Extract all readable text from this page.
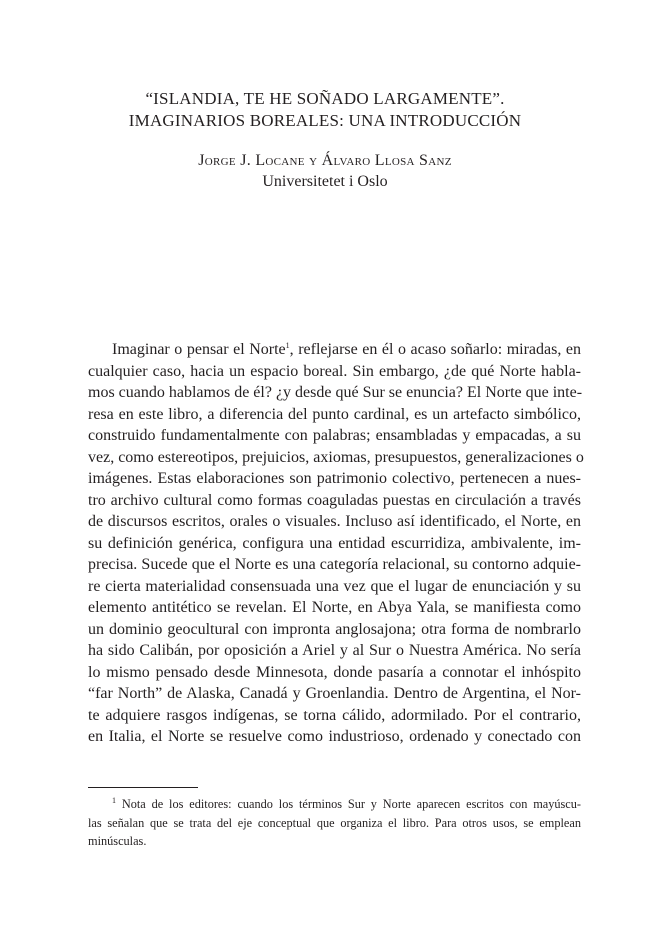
“ISLANDIA, TE HE SOÑADO LARGAMENTE”.
IMAGINARIOS BOREALES: UNA INTRODUCCIÓN
Jorge J. Locane y Álvaro Llosa Sanz
Universitetet i Oslo
Imaginar o pensar el Norte$^1$, reflejarse en él o acaso soñarlo: miradas, en
cualquier caso, hacia un espacio boreal. Sin embargo, ¿de qué Norte habla-
mos cuando hablamos de él? ¿y desde qué Sur se enuncia? El Norte que inte-
resa en este libro, a diferencia del punto cardinal, es un artefacto simbólico,
construido fundamentalmente con palabras; ensambladas y empacadas, a su
vez, como estereotipos, prejuicios, axiomas, presupuestos, generalizaciones o
imágenes. Estas elaboraciones son patrimonio colectivo, pertenecen a nues-
tro archivo cultural como formas coaguladas puestas en circulación a través
de discursos escritos, orales o visuales. Incluso así identificado, el Norte, en
su definición genérica, configura una entidad escurridiza, ambivalente, im-
precisa. Sucede que el Norte es una categoría relacional, su contorno adquie-
re cierta materialidad consensuada una vez que el lugar de enunciación y su
elemento antitético se revelan. El Norte, en Abya Yala, se manifiesta como
un dominio geocultural con impronta anglosajona; otra forma de nombrarlo
ha sido Calibán, por oposición a Ariel y al Sur o Nuestra América. No sería
lo mismo pensado desde Minnesota, donde pasaría a connotar el inhóspito
“far North” de Alaska, Canadá y Groenlandia. Dentro de Argentina, el Nor-
te adquiere rasgos indígenas, se torna cálido, adormilado. Por el contrario,
en Italia, el Norte se resuelve como industrioso, ordenado y conectado con
$^1$ Nota de los editores: cuando los términos Sur y Norte aparecen escritos con mayúscu-
las señalan que se trata del eje conceptual que organiza el libro. Para otros usos, se emplean
minúsculas.
